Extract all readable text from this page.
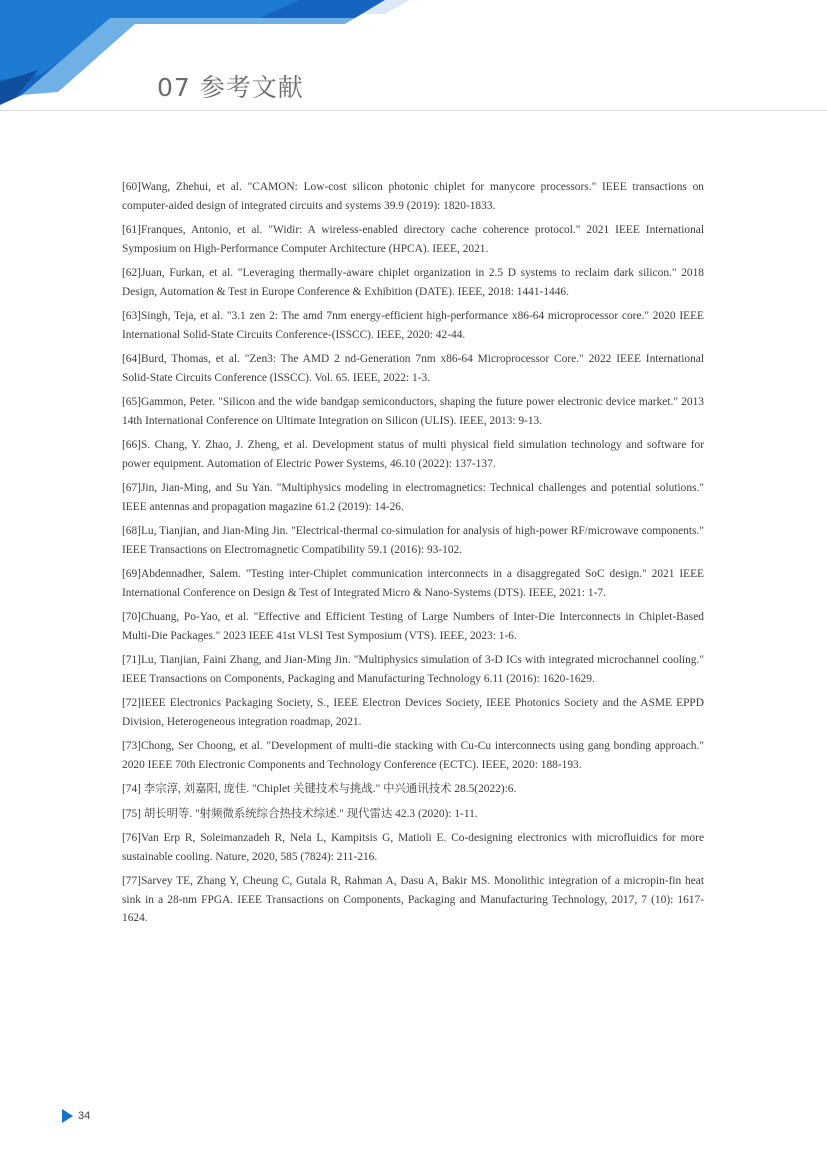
07 参考文献

[60]Wang, Zhehui, et al. "CAMON: Low-cost silicon photonic chiplet for manycore processors." IEEE transactions on computer-aided design of integrated circuits and systems 39.9 (2019): 1820-1833.

[61]Franques, Antonio, et al. "Widir: A wireless-enabled directory cache coherence protocol." 2021 IEEE International Symposium on High-Performance Computer Architecture (HPCA). IEEE, 2021.

[62]Juan, Furkan, et al. "Leveraging thermally-aware chiplet organization in 2.5 D systems to reclaim dark silicon." 2018 Design, Automation & Test in Europe Conference & Exhibition (DATE). IEEE, 2018: 1441-1446.

[63]Singh, Teja, et al. "3.1 zen 2: The amd 7nm energy-efficient high-performance x86-64 microprocessor core." 2020 IEEE International Solid-State Circuits Conference-(ISSCC). IEEE, 2020: 42-44.

[64]Burd, Thomas, et al. "Zen3: The AMD 2 nd-Generation 7nm x86-64 Microprocessor Core." 2022 IEEE International Solid-State Circuits Conference (ISSCC). Vol. 65. IEEE, 2022: 1-3.

[65]Gammon, Peter. "Silicon and the wide bandgap semiconductors, shaping the future power electronic device market." 2013 14th International Conference on Ultimate Integration on Silicon (ULIS). IEEE, 2013: 9-13.

[66]S. Chang, Y. Zhao, J. Zheng, et al. Development status of multi physical field simulation technology and software for power equipment. Automation of Electric Power Systems, 46.10 (2022): 137-137.

[67]Jin, Jian-Ming, and Su Yan. "Multiphysics modeling in electromagnetics: Technical challenges and potential solutions." IEEE antennas and propagation magazine 61.2 (2019): 14-26.

[68]Lu, Tianjian, and Jian-Ming Jin. "Electrical-thermal co-simulation for analysis of high-power RF/microwave components." IEEE Transactions on Electromagnetic Compatibility 59.1 (2016): 93-102.

[69]Abdennadher, Salem. "Testing inter-Chiplet communication interconnects in a disaggregated SoC design." 2021 IEEE International Conference on Design & Test of Integrated Micro & Nano-Systems (DTS). IEEE, 2021: 1-7.

[70]Chuang, Po-Yao, et al. "Effective and Efficient Testing of Large Numbers of Inter-Die Interconnects in Chiplet-Based Multi-Die Packages." 2023 IEEE 41st VLSI Test Symposium (VTS). IEEE, 2023: 1-6.

[71]Lu, Tianjian, Faini Zhang, and Jian-Ming Jin. "Multiphysics simulation of 3-D ICs with integrated microchannel cooling." IEEE Transactions on Components, Packaging and Manufacturing Technology 6.11 (2016): 1620-1629.

[72]IEEE Electronics Packaging Society, S., IEEE Electron Devices Society, IEEE Photonics Society and the ASME EPPD Division, Heterogeneous integration roadmap, 2021.

[73]Chong, Ser Choong, et al. "Development of multi-die stacking with Cu-Cu interconnects using gang bonding approach." 2020 IEEE 70th Electronic Components and Technology Conference (ECTC). IEEE, 2020: 188-193.

[74] 李宗淳, 刘嘉阳, 庞佳. "Chiplet 关键技术与挑战." 中兴通讯技术 28.5(2022):6.

[75] 胡长明等. "射频微系统综合热技术综述." 现代雷达 42.3 (2020): 1-11.

[76]Van Erp R, Soleimanzadeh R, Nela L, Kampitsis G, Matioli E. Co-designing electronics with microfluidics for more sustainable cooling. Nature, 2020, 585 (7824): 211-216.

[77]Sarvey TE, Zhang Y, Cheung C, Gutala R, Rahman A, Dasu A, Bakir MS. Monolithic integration of a micropin-fin heat sink in a 28-nm FPGA. IEEE Transactions on Components, Packaging and Manufacturing Technology, 2017, 7 (10): 1617-1624.

34
